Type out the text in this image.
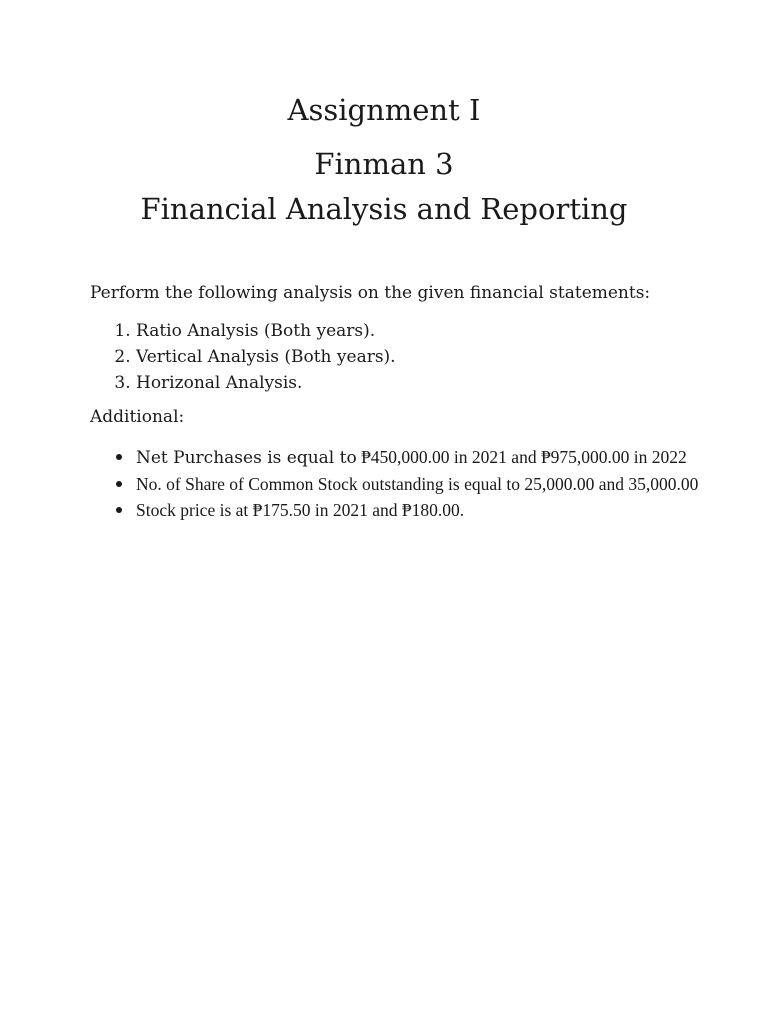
Assignment I
Finman 3
Financial Analysis and Reporting
Perform the following analysis on the given financial statements:
1. Ratio Analysis (Both years).
2. Vertical Analysis (Both years).
3. Horizonal Analysis.
Additional:
Net Purchases is equal to ₱450,000.00 in 2021 and ₱975,000.00 in 2022
No. of Share of Common Stock outstanding is equal to 25,000.00 and 35,000.00
Stock price is at ₱175.50 in 2021 and ₱180.00.
